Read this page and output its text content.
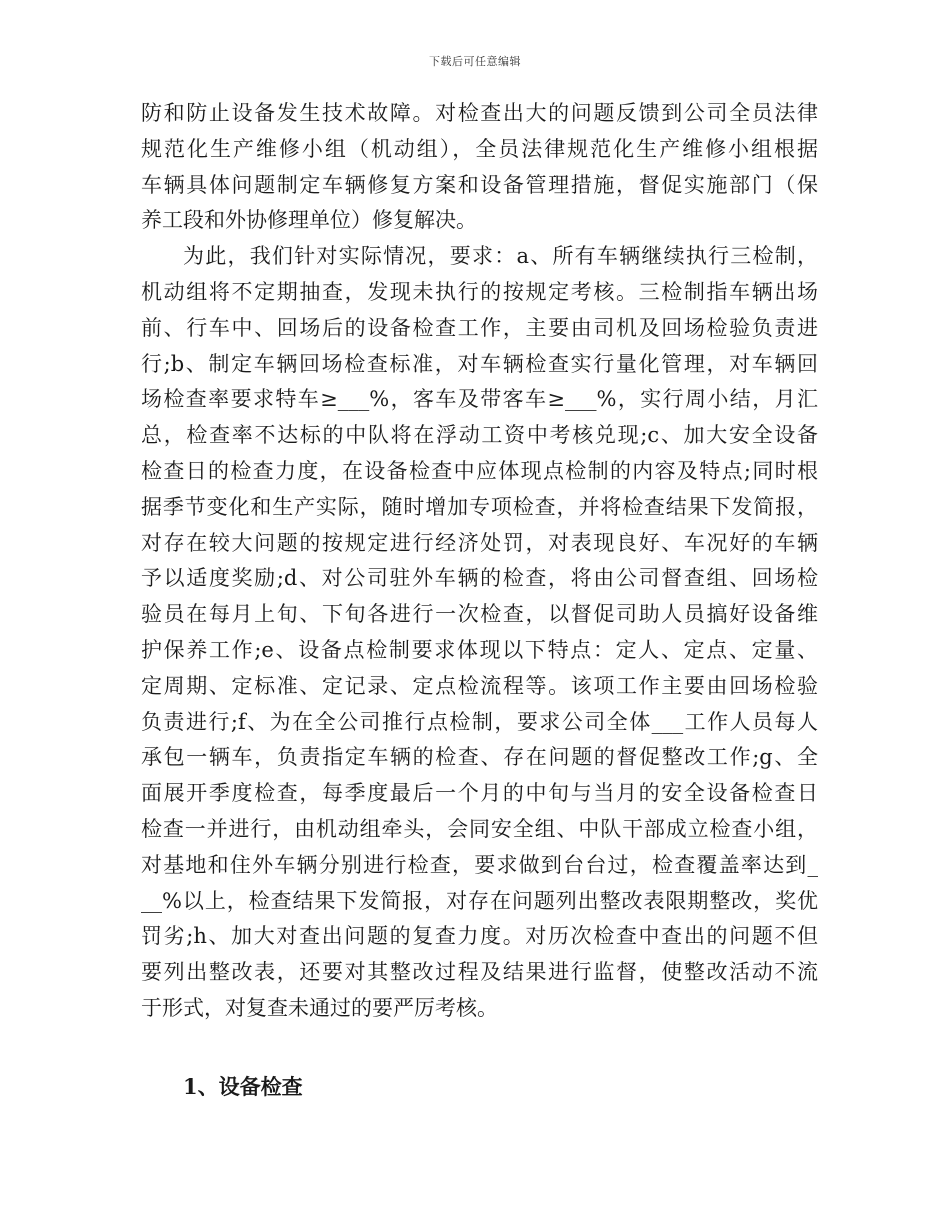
下载后可任意编辑
防和防止设备发生技术故障。对检查出大的问题反馈到公司全员法律
规范化生产维修小组（机动组），全员法律规范化生产维修小组根据
车辆具体问题制定车辆修复方案和设备管理措施，督促实施部门（保
养工段和外协修理单位）修复解决。
为此，我们针对实际情况，要求：a、所有车辆继续执行三检制，
机动组将不定期抽查，发现未执行的按规定考核。三检制指车辆出场
前、行车中、回场后的设备检查工作，主要由司机及回场检验负责进
行;b、制定车辆回场检查标准，对车辆检查实行量化管理，对车辆回
场检查率要求特车≥___%，客车及带客车≥___%，实行周小结，月汇
总，检查率不达标的中队将在浮动工资中考核兑现;c、加大安全设备
检查日的检查力度，在设备检查中应体现点检制的内容及特点;同时根
据季节变化和生产实际，随时增加专项检查，并将检查结果下发简报，
对存在较大问题的按规定进行经济处罚，对表现良好、车况好的车辆
予以适度奖励;d、对公司驻外车辆的检查，将由公司督查组、回场检
验员在每月上旬、下旬各进行一次检查，以督促司助人员搞好设备维
护保养工作;e、设备点检制要求体现以下特点：定人、定点、定量、
定周期、定标准、定记录、定点检流程等。该项工作主要由回场检验
负责进行;f、为在全公司推行点检制，要求公司全体___工作人员每人
承包一辆车，负责指定车辆的检查、存在问题的督促整改工作;g、全
面展开季度检查，每季度最后一个月的中旬与当月的安全设备检查日
检查一并进行，由机动组牵头，会同安全组、中队干部成立检查小组，
对基地和住外车辆分别进行检查，要求做到台台过，检查覆盖率达到_
__%以上，检查结果下发简报，对存在问题列出整改表限期整改，奖优
罚劣;h、加大对查出问题的复查力度。对历次检查中查出的问题不但
要列出整改表，还要对其整改过程及结果进行监督，使整改活动不流
于形式，对复查未通过的要严厉考核。
1、设备检查
